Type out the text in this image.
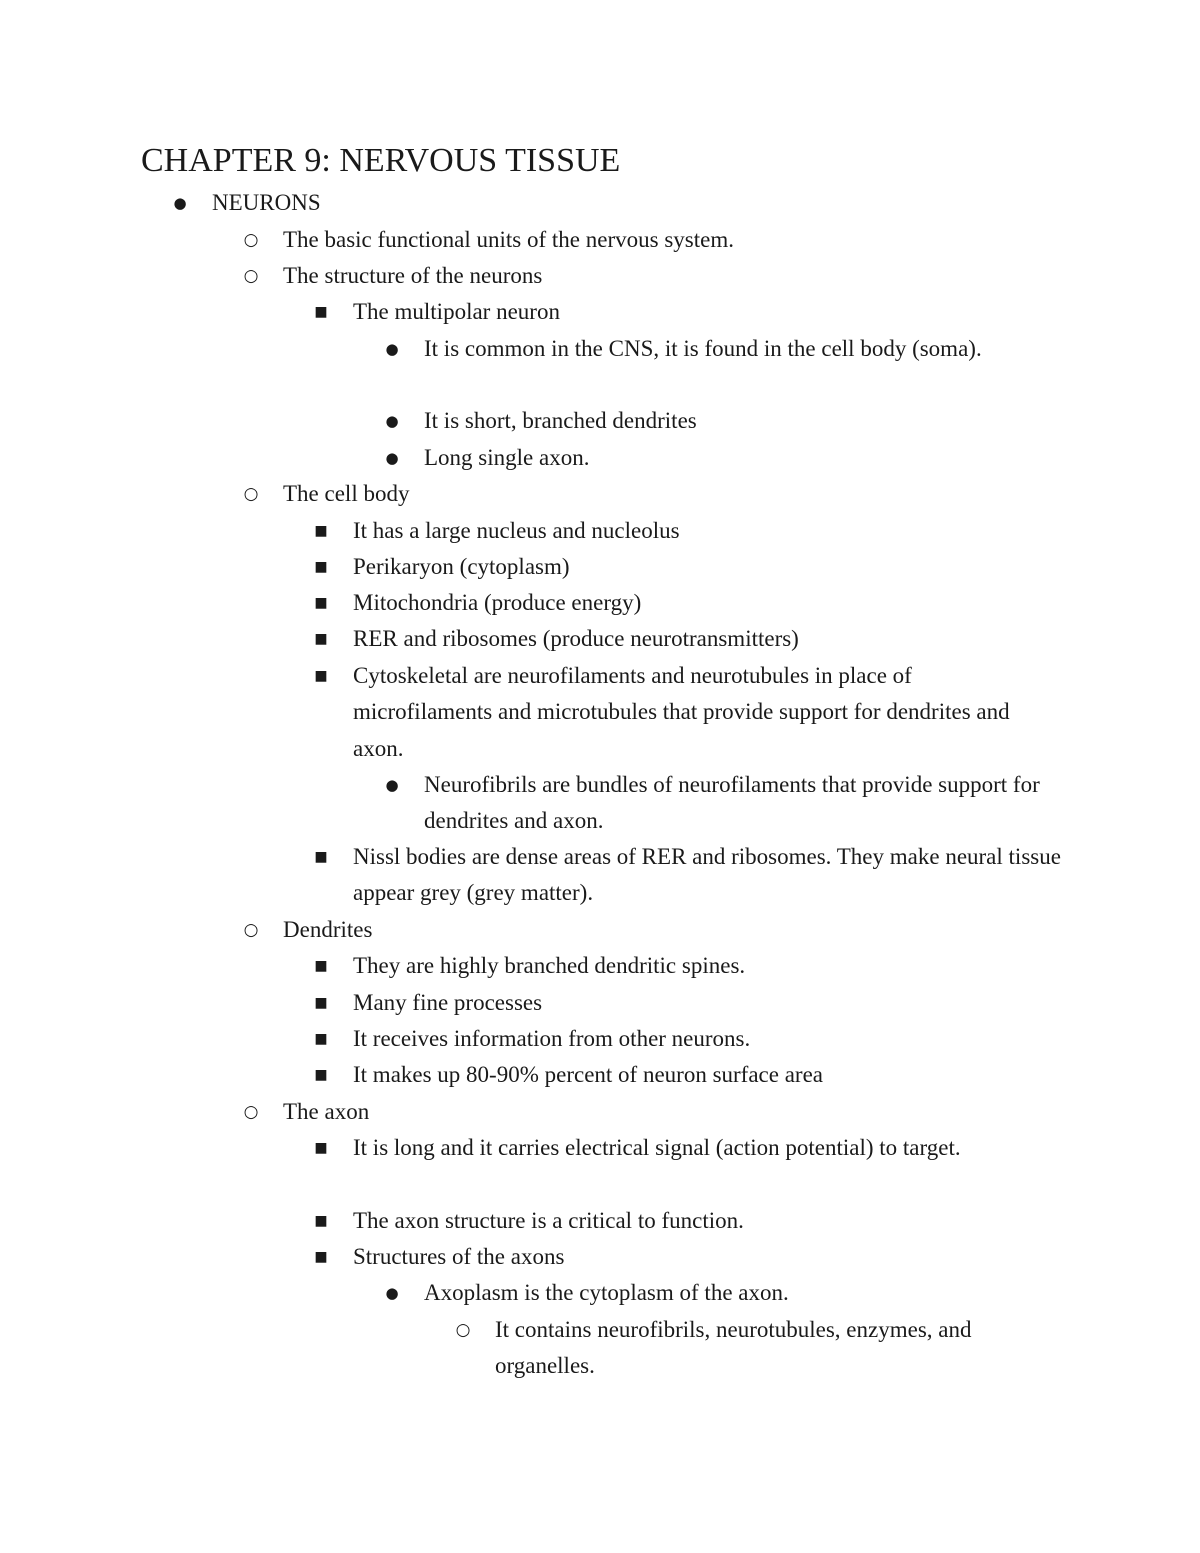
CHAPTER 9: NERVOUS TISSUE
● NEURONS
○ The basic functional units of the nervous system.
○ The structure of the neurons
■ The multipolar neuron
● It is common in the CNS, it is found in the cell body (soma).
● It is short, branched dendrites
● Long single axon.
○ The cell body
■ It has a large nucleus and nucleolus
■ Perikaryon (cytoplasm)
■ Mitochondria (produce energy)
■ RER and ribosomes (produce neurotransmitters)
■ Cytoskeletal are neurofilaments and neurotubules in place of microfilaments and microtubules that provide support for dendrites and axon.
● Neurofibrils are bundles of neurofilaments that provide support for dendrites and axon.
■ Nissl bodies are dense areas of RER and ribosomes. They make neural tissue appear grey (grey matter).
○ Dendrites
■ They are highly branched dendritic spines.
■ Many fine processes
■ It receives information from other neurons.
■ It makes up 80-90% percent of neuron surface area
○ The axon
■ It is long and it carries electrical signal (action potential) to target.
■ The axon structure is a critical to function.
■ Structures of the axons
● Axoplasm is the cytoplasm of the axon.
○ It contains neurofibrils, neurotubules, enzymes, and organelles.
